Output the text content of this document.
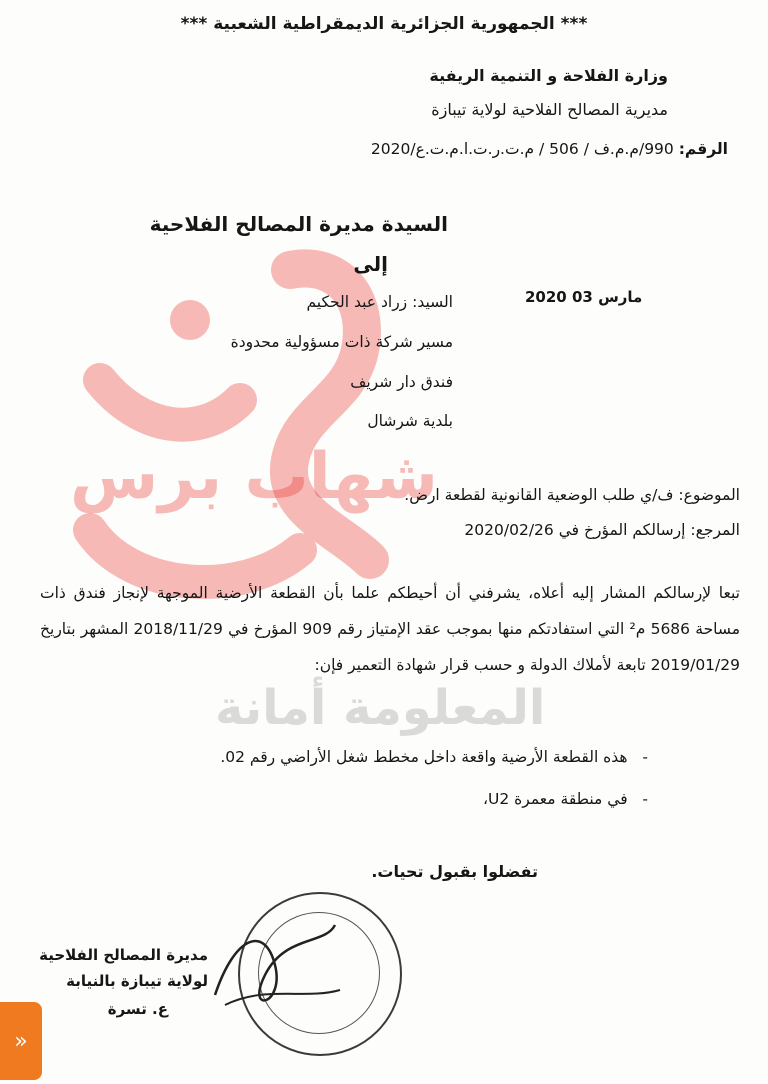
شهاب برس
المعلومة أمانة
*** الجمهورية الجزائرية الديمقراطية الشعبية ***
وزارة الفلاحة و التنمية الريفية
مديرية المصالح الفلاحية لولاية تيبازة
الرقم: 990/م.م.ف / 506 / م.ت.ر.ت.ا.م.ت.ع/2020
السيدة مديرة المصالح الفلاحية
إلى
2020 مارس 03
السيد: زراد عبد الحكيم
مسير شركة ذات مسؤولية محدودة
فندق دار شريف
بلدية شرشال
الموضوع: ف/ي طلب الوضعية القانونية لقطعة ارض.
المرجع: إرسالكم المؤرخ في 2020/02/26
تبعا لإرسالكم المشار إليه أعلاه، يشرفني أن أحيطكم علما بأن القطعة الأرضية الموجهة لإنجاز فندق ذات مساحة 5686 م² التي استفادتكم منها بموجب عقد الإمتياز رقم 909 المؤرخ في 2018/11/29 المشهر بتاريخ 2019/01/29 تابعة لأملاك الدولة و حسب قرار شهادة التعمير فإن:
-   هذه القطعة الأرضية واقعة داخل مخطط شغل الأراضي رقم 02.
-   في منطقة معمرة U2،
تفضلوا بقبول تحيات.
مديرة المصالح الفلاحية
لولاية تيبازة بالنيابة
ع. تسرة
»
